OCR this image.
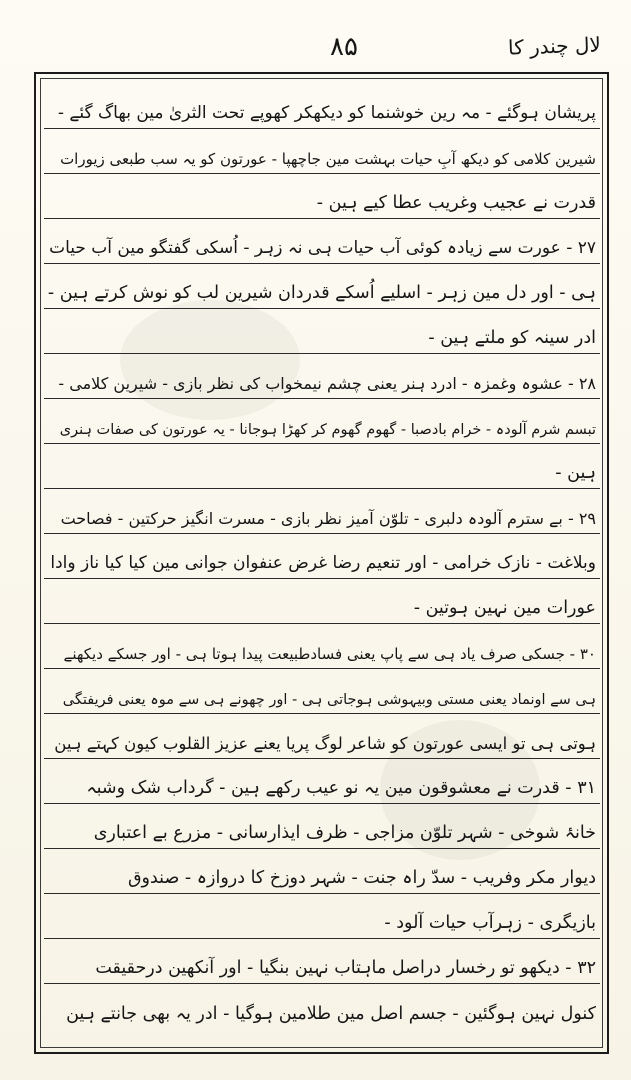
۸۵	لال چندر کا
پریشان ہوگئے - مہ رین خوشنما کو دیکھکر کھوپے تحت الثریٰ مین بھاگ گئے -
شیرین کلامی کو دیکھ آبِ حیات بہشت مین جاچھپا - عورتون کو یہ سب طبعی زیورات
قدرت نے عجیب وغریب عطا کیے ہین -
۲۷ - عورت سے زیادہ کوئی آب حیات ہی نہ زہر - اُسکی گفتگو مین آب حیات
ہی - اور دل مین زہر - اسلیے اُسکے قدردان شیرین لب کو نوش کرتے ہین -
ادر سینہ کو ملتے ہین -
۲۸ - عشوہ وغمزہ - ادرد ہنر یعنی چشم نیمخواب کی نظر بازی - شیرین کلامی -
تبسم شرم آلودہ - خرام بادصبا - گھوم گھوم کر کھڑا ہوجانا - یہ عورتون کی صفات ہنری
ہین -
۲۹ - بے سترم آلودہ دلبری - تلوّن آمیز نظر بازی - مسرت انگیز حرکتین - فصاحت
وبلاغت - نازک خرامی - اور تنعیم رضا غرض عنفوان جوانی مین کیا کیا ناز وادا
عورات مین نہین ہوتین -
۳۰ - جسکی صرف یاد ہی سے پاپ یعنی فسادطبیعت پیدا ہوتا ہی - اور جسکے دیکھنے
ہی سے اونماد یعنی مستی وبیہوشی ہوجاتی ہی - اور چھونے ہی سے موہ یعنی فریفتگی
ہوتی ہی تو ایسی عورتون کو شاعر لوگ پریا یعنے عزیز القلوب کیون کہتے ہین
۳۱ - قدرت نے معشوقون مین یہ نو عیب رکھے ہین - گرداب شک وشبہ
خانۂ شوخی - شہر تلوّن مزاجی - ظرف ایذارسانی - مزرع بے اعتباری
دیوار مکر وفریب - سدّ راہ جنت - شہر دوزخ کا دروازہ - صندوق
بازیگری - زہرآب حیات آلود -
۳۲ - دیکھو تو رخسار دراصل ماہتاب نہین بنگیا - اور آنکھین درحقیقت
کنول نہین ہوگئین - جسم اصل مین طلامین ہوگیا - ادر یہ بھی جانتے ہین
